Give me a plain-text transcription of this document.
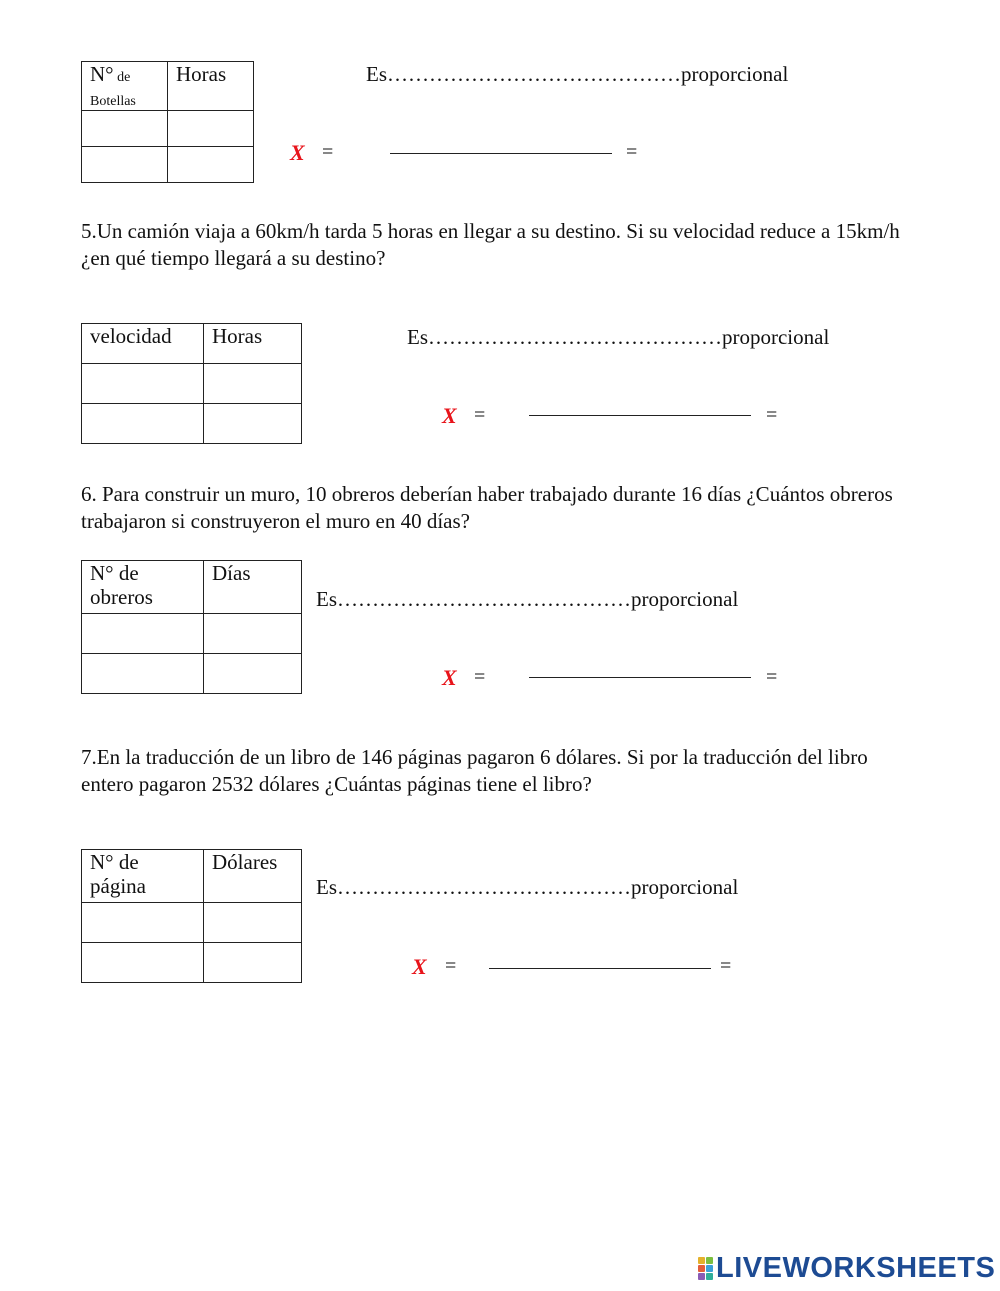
N° de
Botellas	Horas

		Es……………………………………proporcional
X =	=
5.Un camión viaja a 60km/h tarda 5 horas en llegar a su destino. Si su velocidad reduce a 15km/h ¿en qué tiempo llegará a su destino?
velocidad	Horas

		Es……………………………………proporcional
X =	=
6. Para construir un muro, 10 obreros deberían haber trabajado durante 16 días ¿Cuántos obreros trabajaron si construyeron el muro en 40 días?
N° de
obreros	Días

Es……………………………………proporcional
X =	=
7.En la traducción de un libro de 146 páginas pagaron 6 dólares. Si por la traducción del libro entero pagaron 2532 dólares ¿Cuántas páginas tiene el libro?
N° de
página	Dólares

Es……………………………………proporcional
X =	=
LIVEWORKSHEETS
